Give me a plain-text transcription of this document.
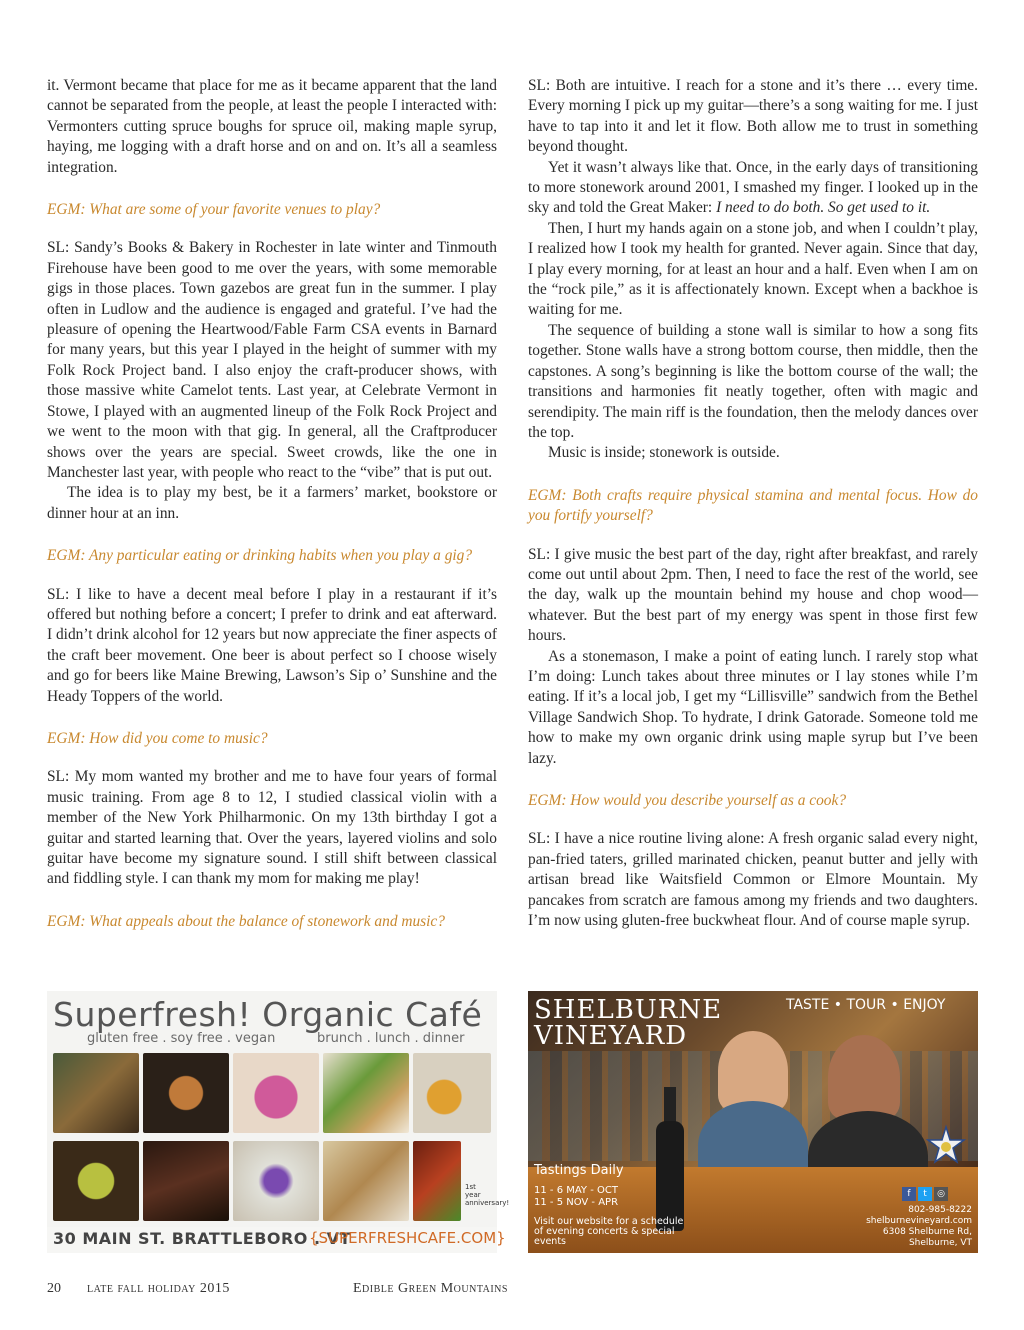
it. Vermont became that place for me as it became apparent that the land cannot be separated from the people, at least the people I interacted with: Vermonters cutting spruce boughs for spruce oil, making maple syrup, haying, me logging with a draft horse and on and on. It’s all a seamless integration.

EGM: What are some of your favorite venues to play?

SL: Sandy’s Books & Bakery in Rochester in late winter and Tinmouth Firehouse have been good to me over the years, with some memorable gigs in those places. Town gazebos are great fun in the summer. I play often in Ludlow and the audience is engaged and grateful. I’ve had the pleasure of opening the Heartwood/Fable Farm CSA events in Barnard for many years, but this year I played in the height of summer with my Folk Rock Project band. I also enjoy the craft-producer shows, with those massive white Camelot tents. Last year, at Celebrate Vermont in Stowe, I played with an augmented lineup of the Folk Rock Project and we went to the moon with that gig. In general, all the Craftproducer shows over the years are special. Sweet crowds, like the one in Manchester last year, with people who react to the “vibe” that is put out.

The idea is to play my best, be it a farmers’ market, bookstore or dinner hour at an inn.

EGM: Any particular eating or drinking habits when you play a gig?

SL: I like to have a decent meal before I play in a restaurant if it’s offered but nothing before a concert; I prefer to drink and eat afterward. I didn’t drink alcohol for 12 years but now appreciate the finer aspects of the craft beer movement. One beer is about perfect so I choose wisely and go for beers like Maine Brewing, Lawson’s Sip o’ Sunshine and the Heady Toppers of the world.

EGM: How did you come to music?

SL: My mom wanted my brother and me to have four years of formal music training. From age 8 to 12, I studied classical violin with a member of the New York Philharmonic. On my 13th birthday I got a guitar and started learning that. Over the years, layered violins and solo guitar have become my signature sound. I still shift between classical and fiddling style. I can thank my mom for making me play!

EGM: What appeals about the balance of stonework and music?

SL: Both are intuitive. I reach for a stone and it’s there … every time. Every morning I pick up my guitar—there’s a song waiting for me. I just have to tap into it and let it flow. Both allow me to trust in something beyond thought.

Yet it wasn’t always like that. Once, in the early days of transitioning to more stonework around 2001, I smashed my finger. I looked up in the sky and told the Great Maker: I need to do both. So get used to it.

Then, I hurt my hands again on a stone job, and when I couldn’t play, I realized how I took my health for granted. Never again. Since that day, I play every morning, for at least an hour and a half. Even when I am on the “rock pile,” as it is affectionately known. Except when a backhoe is waiting for me.

The sequence of building a stone wall is similar to how a song fits together. Stone walls have a strong bottom course, then middle, then the capstones. A song’s beginning is like the bottom course of the wall; the transitions and harmonies fit neatly together, often with magic and serendipity. The main riff is the foundation, then the melody dances over the top.

Music is inside; stonework is outside.

EGM: Both crafts require physical stamina and mental focus. How do you fortify yourself?

SL: I give music the best part of the day, right after breakfast, and rarely come out until about 2pm. Then, I need to face the rest of the world, see the day, walk up the mountain behind my house and chop wood—whatever. But the best part of my energy was spent in those first few hours.

As a stonemason, I make a point of eating lunch. I rarely stop what I’m doing: Lunch takes about three minutes or I lay stones while I’m eating. If it’s a local job, I get my “Lillisville” sandwich from the Bethel Village Sandwich Shop. To hydrate, I drink Gatorade. Someone told me how to make my own organic drink using maple syrup but I’ve been lazy.

EGM: How would you describe yourself as a cook?

SL: I have a nice routine living alone: A fresh organic salad every night, pan-fried taters, grilled marinated chicken, peanut butter and jelly with artisan bread like Waitsfield Common or Elmore Mountain. My pancakes from scratch are famous among my friends and two daughters. I’m now using gluten-free buckwheat flour. And of course maple syrup.

Superfresh! Organic Café
gluten free . soy free . vegan	brunch . lunch . dinner
1st year anniversary!
30 MAIN ST. BRATTLEBORO . VT
{SUPERFRESHCAFE.COM}
SHELBURNE
VINEYARD
TASTE • TOUR • ENJOY
Tastings Daily
11 - 6 MAY - OCT
11 - 5 NOV - APR
Visit our website for a schedule of evening concerts & special events
f t ◎
802-985-8222
shelburnevineyard.com
6308 Shelburne Rd,
Shelburne, VT
20 late fall holiday 2015	Edible Green Mountains
